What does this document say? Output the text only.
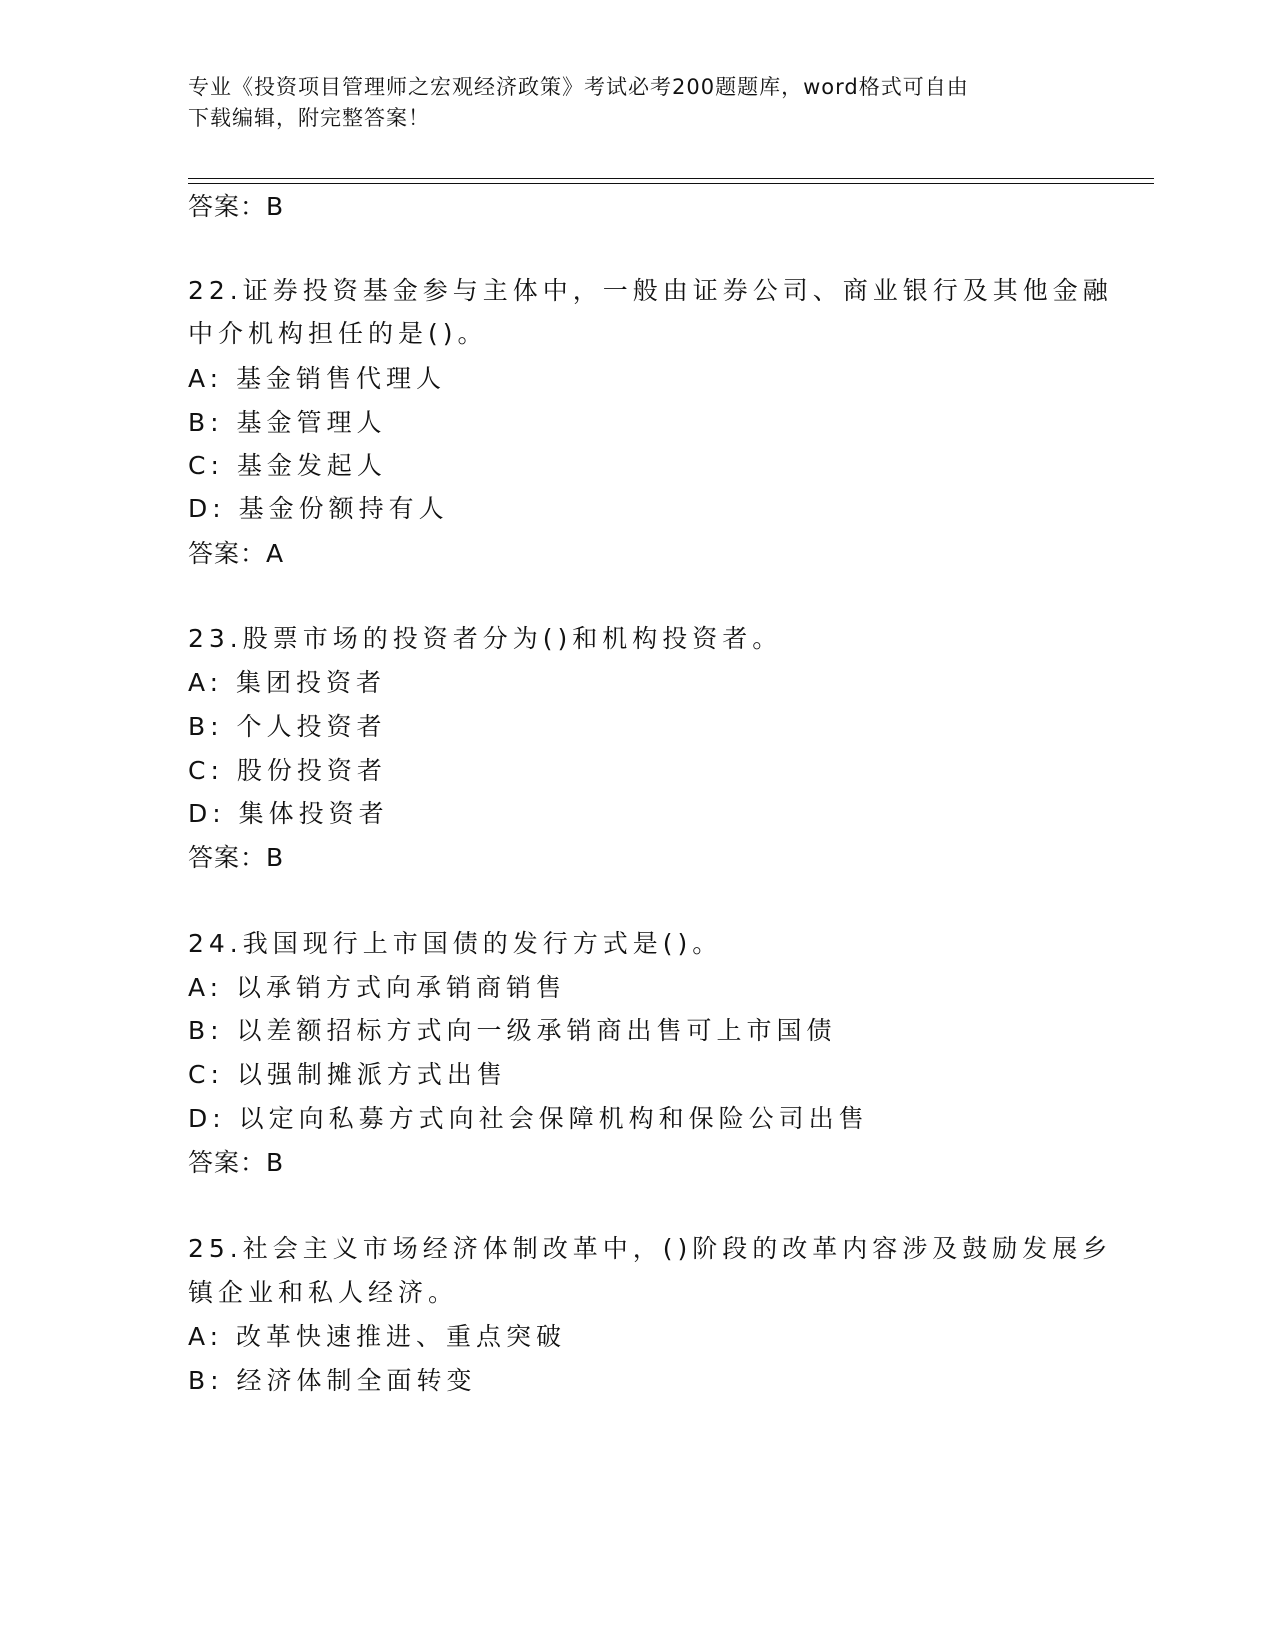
专业《投资项目管理师之宏观经济政策》考试必考200题题库，word格式可自由
下载编辑，附完整答案！
答案：B
22.证券投资基金参与主体中，一般由证券公司、商业银行及其他金融
中介机构担任的是()。
A: 基金销售代理人
B: 基金管理人
C: 基金发起人
D: 基金份额持有人
答案：A
23.股票市场的投资者分为()和机构投资者。
A: 集团投资者
B: 个人投资者
C: 股份投资者
D: 集体投资者
答案：B
24.我国现行上市国债的发行方式是()。
A: 以承销方式向承销商销售
B: 以差额招标方式向一级承销商出售可上市国债
C: 以强制摊派方式出售
D: 以定向私募方式向社会保障机构和保险公司出售
答案：B
25.社会主义市场经济体制改革中，()阶段的改革内容涉及鼓励发展乡
镇企业和私人经济。
A: 改革快速推进、重点突破
B: 经济体制全面转变
